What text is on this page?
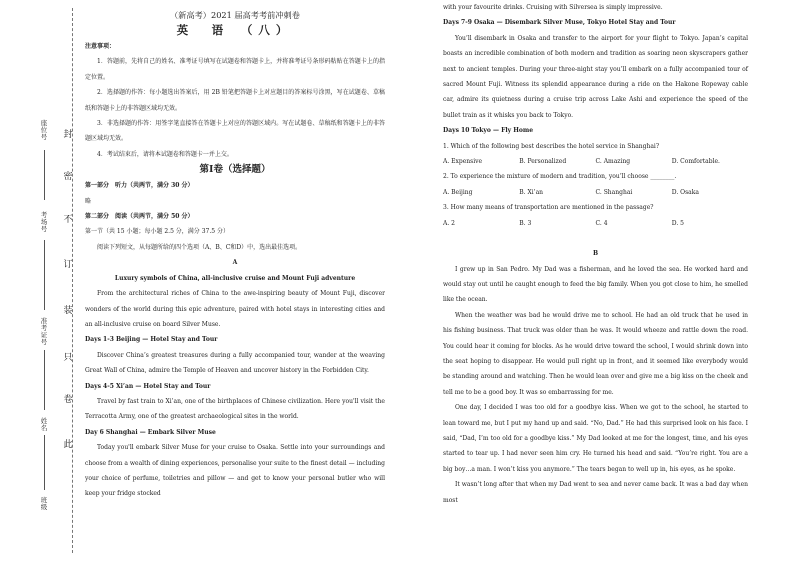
封
密
不
订
装
只
卷
此
座位号
考场号
准考证号
姓名
班级

（新高考）2021 届高考考前冲刺卷

英　语　（八）

注意事项：

1．答题前，先将自己的姓名、准考证号填写在试题卷和答题卡上，并将准考证号条形码粘贴在答题卡上的指定位置。

2．选择题的作答：每小题选出答案后，用 2B 铅笔把答题卡上对应题目的答案标号涂黑，写在试题卷、草稿纸和答题卡上的非答题区域均无效。

3．非选择题的作答：用签字笔直接答在答题卡上对应的答题区域内。写在试题卷、草稿纸和答题卡上的非答题区域均无效。

4．考试结束后，请将本试题卷和答题卡一并上交。

第Ⅰ卷（选择题）

第一部分　听力（共两节，满分 30 分）

略

第二部分　阅读（共两节，满分 50 分）

第一节（共 15 小题；每小题 2.5 分，满分 37.5 分）

阅读下列短文，从每题所给的四个选项（A、B、C和D）中，选出最佳选项。

A

Luxury symbols of China, all-inclusive cruise and Mount Fuji adventure

From the architectural riches of China to the awe-inspiring beauty of Mount Fuji, discover wonders of the world during this epic adventure, paired with hotel stays in interesting cities and an all-inclusive cruise on board Silver Muse.

Days 1-3 Beijing — Hotel Stay and Tour

Discover China’s greatest treasures during a fully accompanied tour, wander at the weaving Great Wall of China, admire the Temple of Heaven and uncover history in the Forbidden City.

Days 4-5 Xi’an — Hotel Stay and Tour

Travel by fast train to Xi’an, one of the birthplaces of Chinese civilization. Here you'll visit the Terracotta Army, one of the greatest archaeological sites in the world.

Day 6 Shanghai — Embark Silver Muse

Today you'll embark Silver Muse for your cruise to Osaka. Settle into your surroundings and choose from a wealth of dining experiences, personalise your suite to the finest detail — including your choice of perfume, toiletries and pillow — and get to know your personal butler who will keep your fridge stocked

with your favourite drinks. Cruising with Silversea is simply impressive.

Days 7-9 Osaka — Disembark Silver Muse, Tokyo Hotel Stay and Tour

You’ll disembark in Osaka and transfer to the airport for your flight to Tokyo. Japan’s capital boasts an incredible combination of both modern and tradition as soaring neon skyscrapers gather next to ancient temples. During your three-night stay you’ll embark on a fully accompanied tour of sacred Mount Fuji. Witness its splendid appearance during a ride on the Hakone Ropeway cable car, admire its quietness during a cruise trip across Lake Ashi and experience the speed of the bullet train as it whisks you back to Tokyo.

Days 10 Tokyo — Fly Home

1. Which of the following best describes the hotel service in Shanghai?

A. Expensive	B. Personalized	C. Amazing	D. Comfortable.

2. To experience the mixture of modern and tradition, you’ll choose ________.

A. Beijing	B. Xi’an	C. Shanghai	D. Osaka

3. How many means of transportation are mentioned in the passage?

A. 2	B. 3	C. 4	D. 5

B

I grew up in San Pedro. My Dad was a fisherman, and he loved the sea. He worked hard and would stay out until he caught enough to feed the big family. When you got close to him, he smelled like the ocean.

When the weather was bad he would drive me to school. He had an old truck that he used in his fishing business. That truck was older than he was. It would wheeze and rattle down the road. You could hear it coming for blocks. As he would drive toward the school, I would shrink down into the seat hoping to disappear. He would pull right up in front, and it seemed like everybody would be standing around and watching. Then he would lean over and give me a big kiss on the cheek and tell me to be a good boy. It was so embarrassing for me.

One day, I decided I was too old for a goodbye kiss. When we got to the school, he started to lean toward me, but I put my hand up and said. “No, Dad.” He had this surprised look on his face. I said, “Dad, I’m too old for a goodbye kiss.” My Dad looked at me for the longest, time, and his eyes started to tear up. I had never seen him cry. He turned his head and said. “You’re right. You are a big boy…a man. I won’t kiss you anymore.” The tears began to well up in, his eyes, as he spoke.

It wasn’t long after that when my Dad went to sea and never came back. It was a bad day when most
